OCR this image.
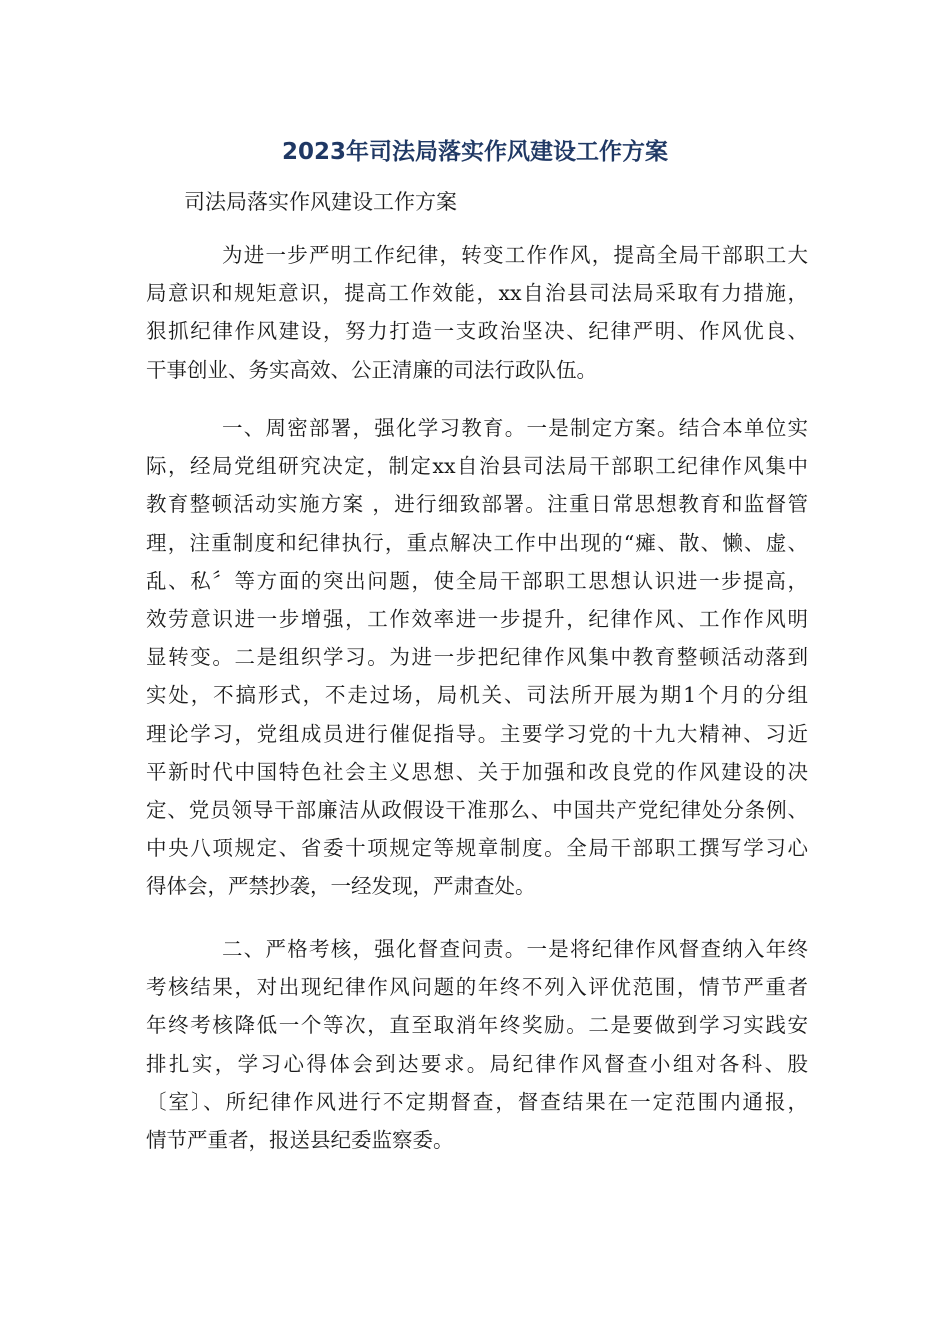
2023年司法局落实作风建设工作方案

司法局落实作风建设工作方案

为进一步严明工作纪律，转变工作作风，提高全局干部职工大
局意识和规矩意识，提高工作效能，xx自治县司法局采取有力措施，
狠抓纪律作风建设，努力打造一支政治坚决、纪律严明、作风优良、
干事创业、务实高效、公正清廉的司法行政队伍。
一、周密部署，强化学习教育。一是制定方案。结合本单位实
际，经局党组研究决定，制定xx自治县司法局干部职工纪律作风集中
教育整顿活动实施方案 ，进行细致部署。注重日常思想教育和监督管
理，注重制度和纪律执行，重点解决工作中出现的“瘫、散、懒、虚、
乱、私〞等方面的突出问题，使全局干部职工思想认识进一步提高，
效劳意识进一步增强，工作效率进一步提升，纪律作风、工作作风明
显转变。二是组织学习。为进一步把纪律作风集中教育整顿活动落到
实处，不搞形式，不走过场，局机关、司法所开展为期1个月的分组
理论学习，党组成员进行催促指导。主要学习党的十九大精神、习近
平新时代中国特色社会主义思想、关于加强和改良党的作风建设的决
定、党员领导干部廉洁从政假设干准那么、中国共产党纪律处分条例、
中央八项规定、省委十项规定等规章制度。全局干部职工撰写学习心
得体会，严禁抄袭，一经发现，严肃查处。
二、严格考核，强化督查问责。一是将纪律作风督查纳入年终
考核结果，对出现纪律作风问题的年终不列入评优范围，情节严重者
年终考核降低一个等次，直至取消年终奖励。二是要做到学习实践安
排扎实，学习心得体会到达要求。局纪律作风督查小组对各科、股
〔室〕、所纪律作风进行不定期督查，督查结果在一定范围内通报，
情节严重者，报送县纪委监察委。
